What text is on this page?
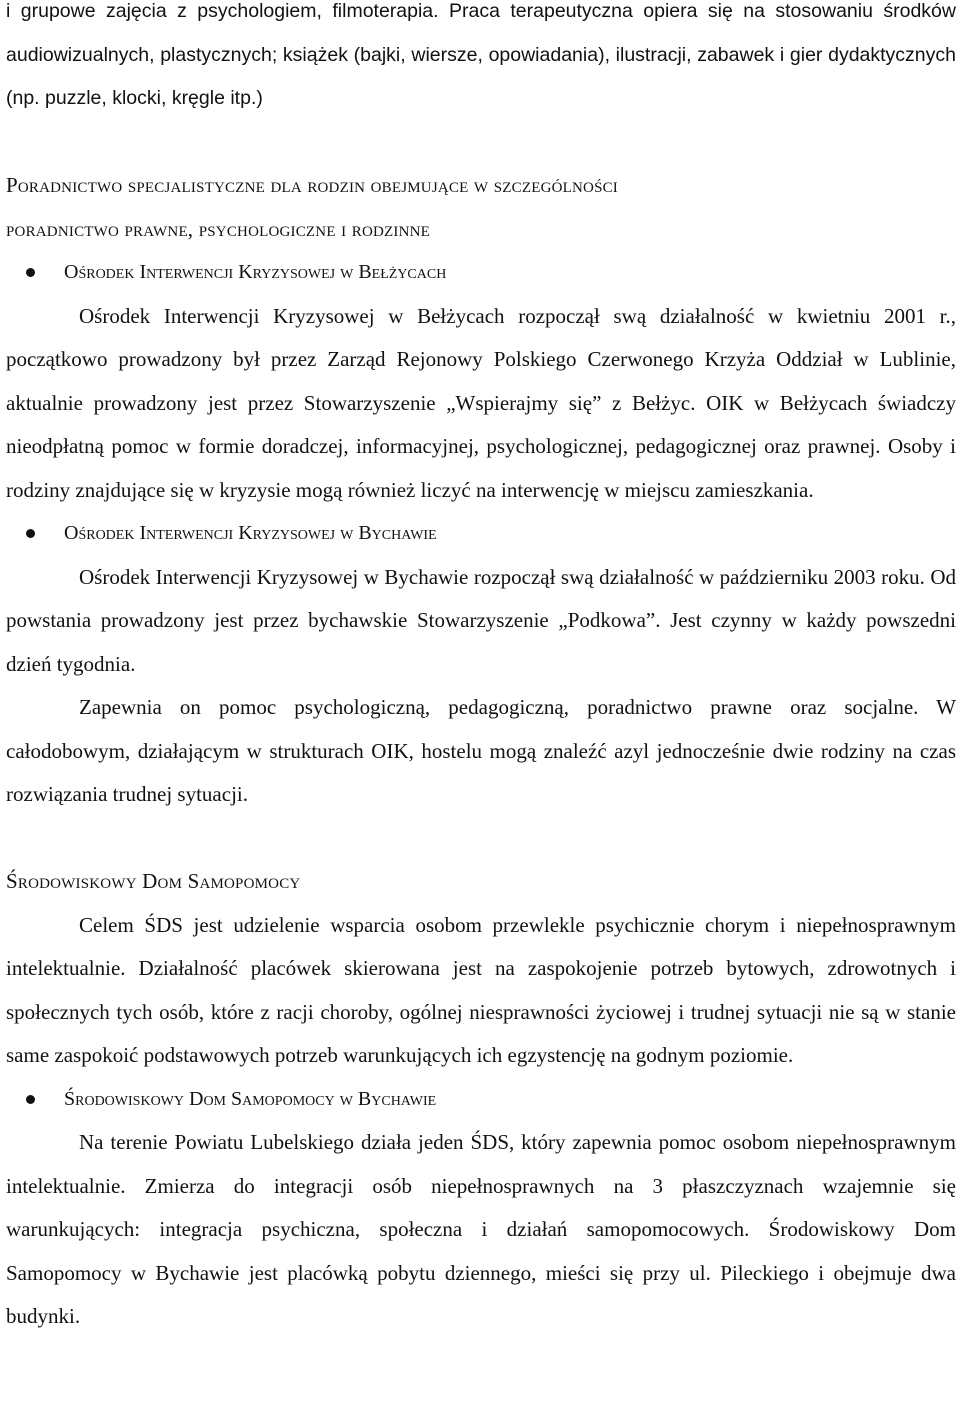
i grupowe zajęcia z psychologiem, filmoterapia. Praca terapeutyczna opiera się na stosowaniu środków audiowizualnych, plastycznych; książek (bajki, wiersze, opowiadania), ilustracji, zabawek i gier dydaktycznych (np. puzzle, klocki, kręgle itp.)

Poradnictwo specjalistyczne dla rodzin obejmujące w szczególności

poradnictwo prawne, psychologiczne i rodzinne

Ośrodek Interwencji Kryzysowej w Bełżycach

Ośrodek Interwencji Kryzysowej w Bełżycach rozpoczął swą działalność w kwietniu 2001 r., początkowo prowadzony był przez Zarząd Rejonowy Polskiego Czerwonego Krzyża Oddział w Lublinie, aktualnie prowadzony jest przez Stowarzyszenie „Wspierajmy się” z Bełżyc. OIK w Bełżycach świadczy nieodpłatną pomoc w formie doradczej, informacyjnej, psychologicznej, pedagogicznej oraz prawnej. Osoby i rodziny znajdujące się w kryzysie mogą również liczyć na interwencję w miejscu zamieszkania.

Ośrodek Interwencji Kryzysowej w Bychawie

Ośrodek Interwencji Kryzysowej w Bychawie rozpoczął swą działalność w październiku 2003 roku. Od powstania prowadzony jest przez bychawskie Stowarzyszenie „Podkowa”. Jest czynny w każdy powszedni dzień tygodnia.

Zapewnia on pomoc psychologiczną, pedagogiczną, poradnictwo prawne oraz socjalne. W całodobowym, działającym w strukturach OIK, hostelu mogą znaleźć azyl jednocześnie dwie rodziny na czas rozwiązania trudnej sytuacji.

Środowiskowy Dom Samopomocy

Celem ŚDS jest udzielenie wsparcia osobom przewlekle psychicznie chorym i niepełnosprawnym intelektualnie. Działalność placówek skierowana jest na zaspokojenie potrzeb bytowych, zdrowotnych i społecznych tych osób, które z racji choroby, ogólnej niesprawności życiowej i trudnej sytuacji nie są w stanie same zaspokoić podstawowych potrzeb warunkujących ich egzystencję na godnym poziomie.

Środowiskowy Dom Samopomocy w Bychawie

Na terenie Powiatu Lubelskiego działa jeden ŚDS, który zapewnia pomoc osobom niepełnosprawnym intelektualnie. Zmierza do integracji osób niepełnosprawnych na 3 płaszczyznach wzajemnie się warunkujących: integracja psychiczna, społeczna i działań samopomocowych. Środowiskowy Dom Samopomocy w Bychawie jest placówką pobytu dziennego, mieści się przy ul. Pileckiego i obejmuje dwa budynki.
